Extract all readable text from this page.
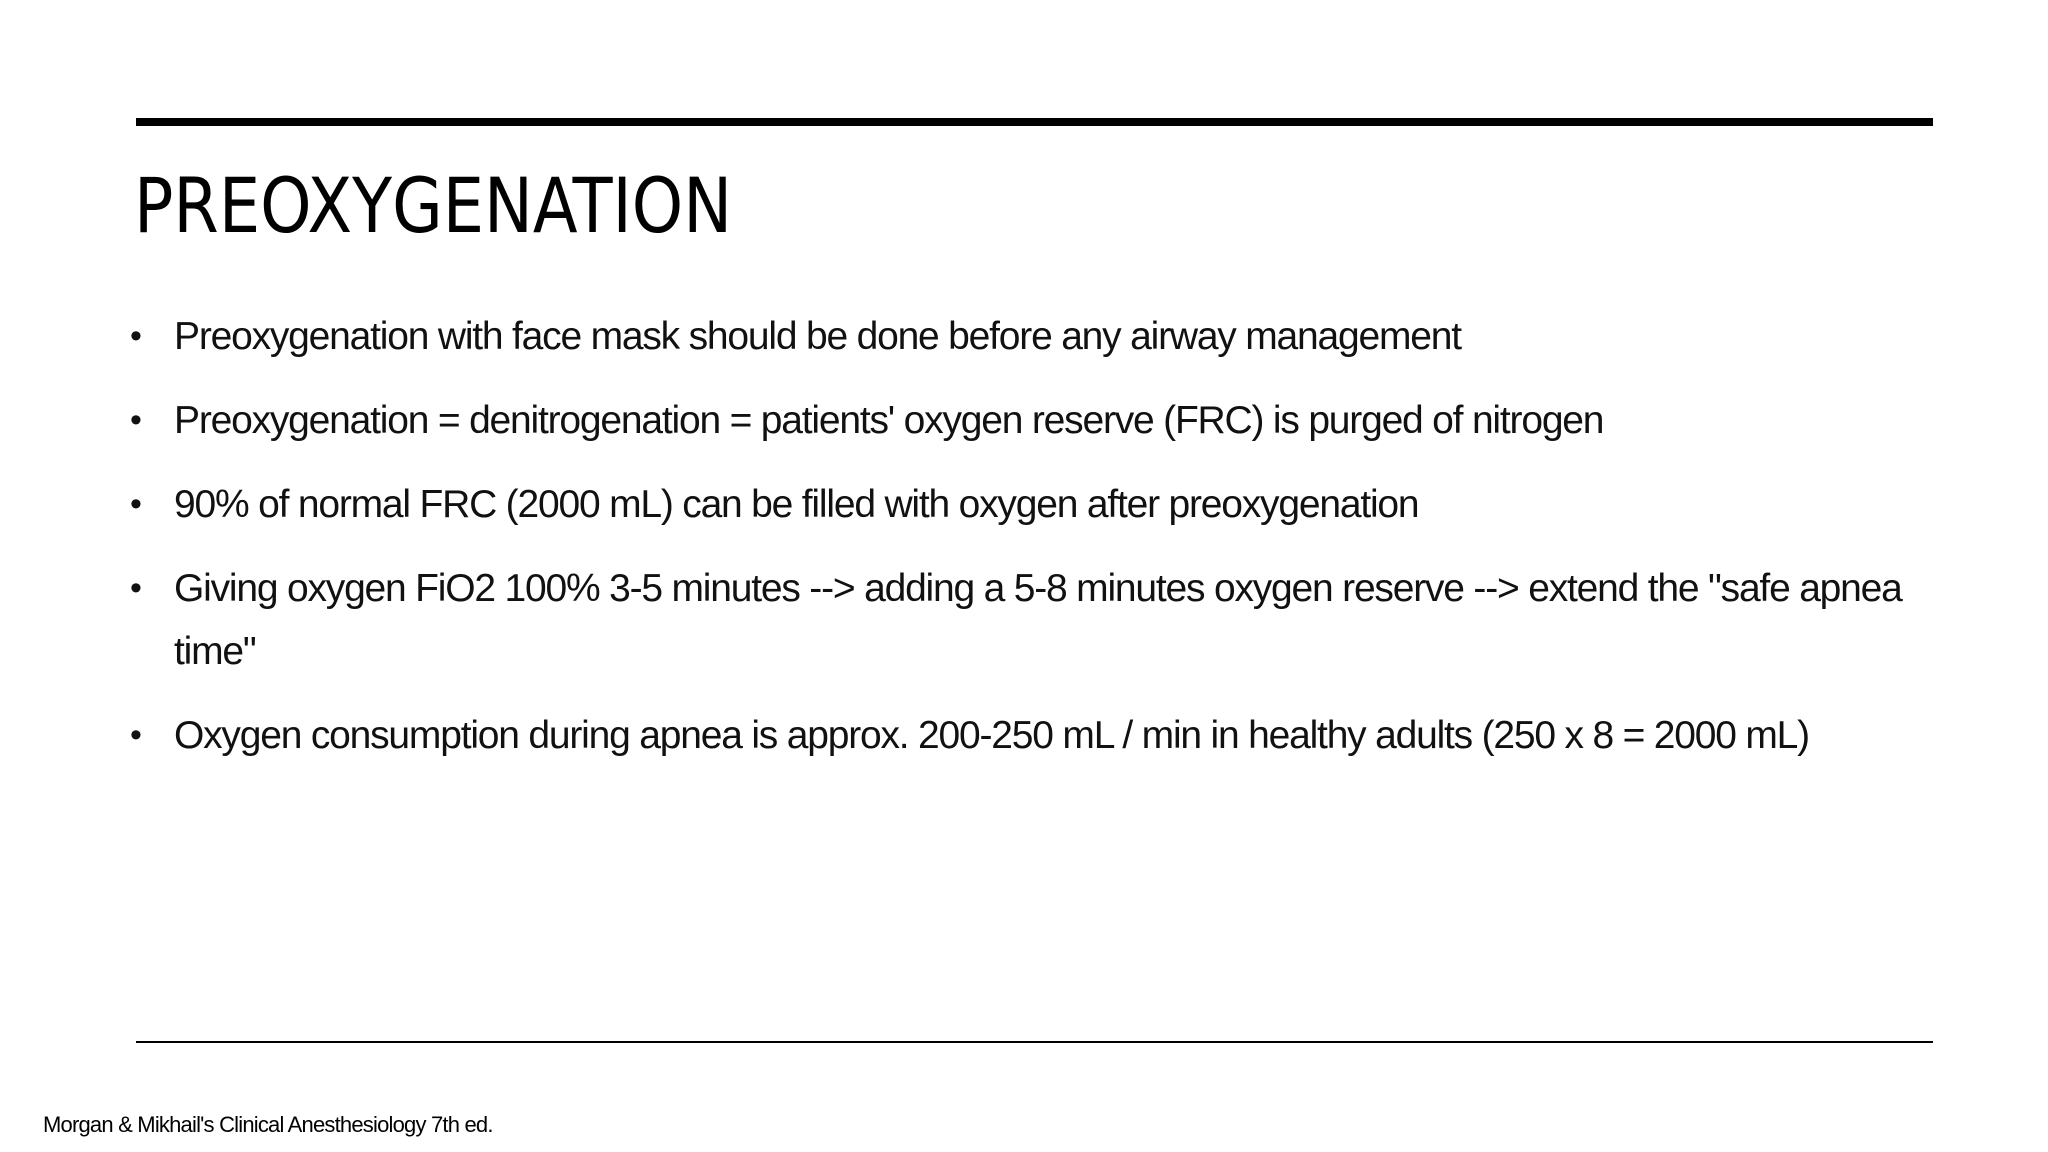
PREOXYGENATION
• Preoxygenation with face mask should be done before any airway management
• Preoxygenation = denitrogenation = patients' oxygen reserve (FRC) is purged of nitrogen
• 90% of normal FRC (2000 mL) can be filled with oxygen after preoxygenation
• Giving oxygen FiO2 100% 3-5 minutes --> adding a 5-8 minutes oxygen reserve --> extend the "safe apnea time"
• Oxygen consumption during apnea is approx. 200-250 mL / min in healthy adults (250 x 8 = 2000 mL)
Morgan & Mikhail's Clinical Anesthesiology 7th ed.
